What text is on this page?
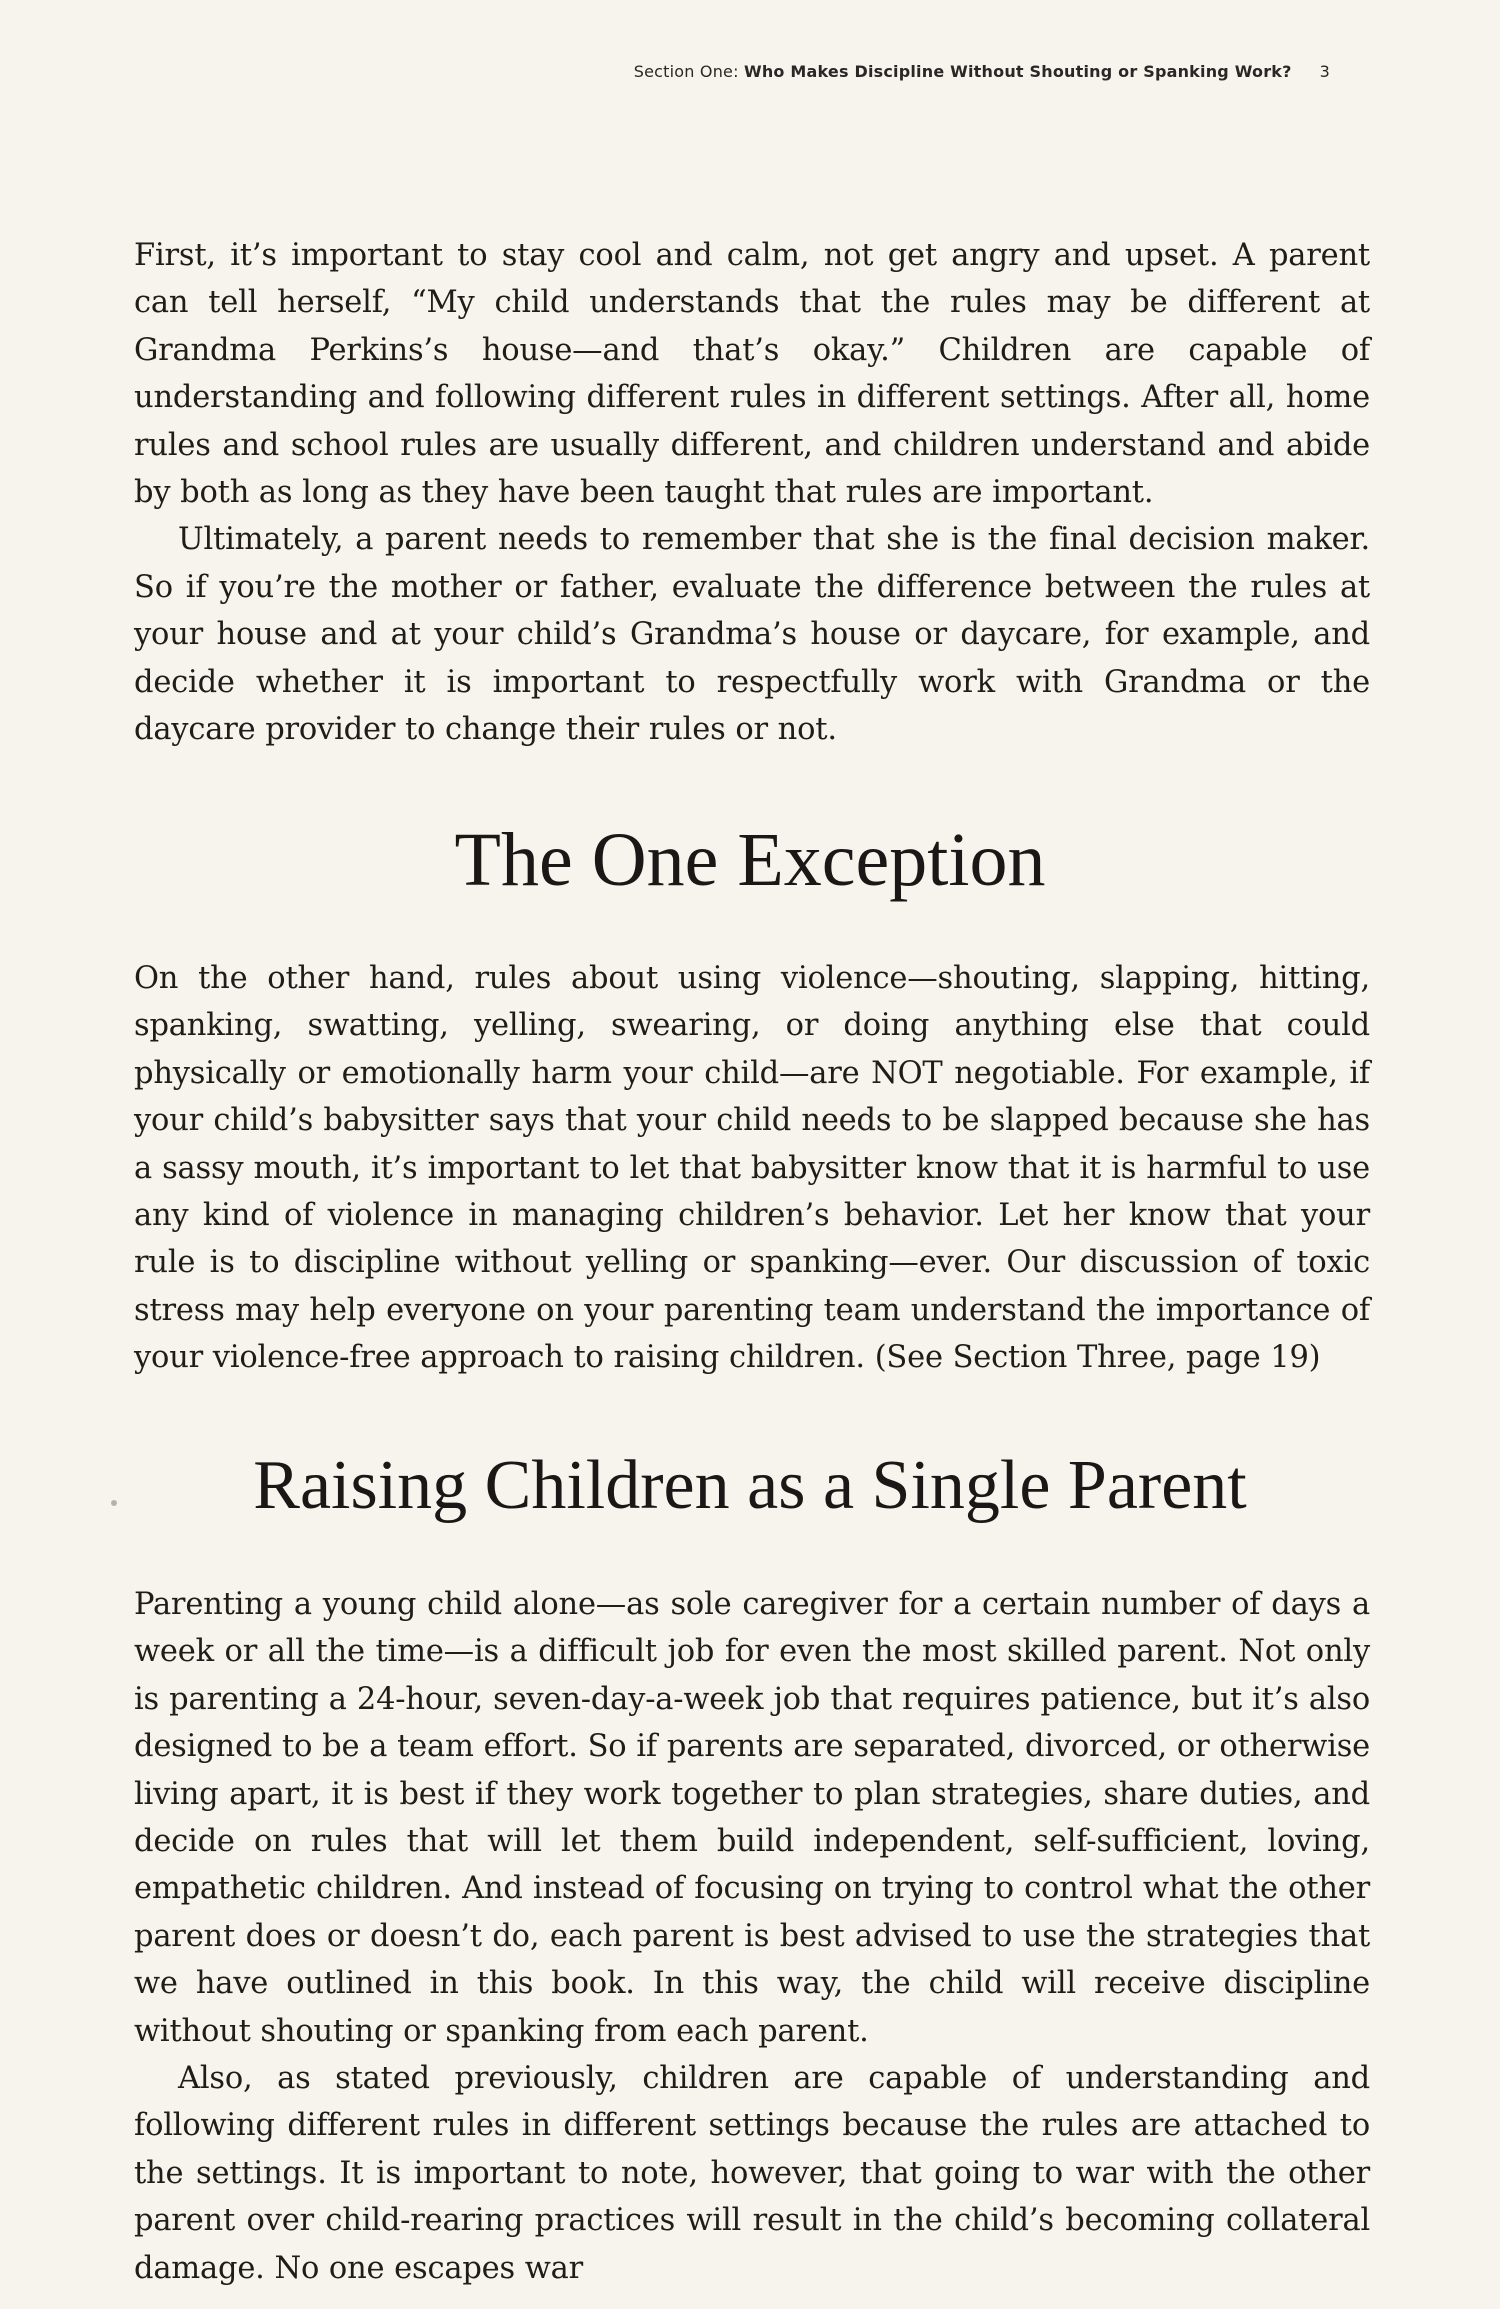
Section One: Who Makes Discipline Without Shouting or Spanking Work? 3

First, it’s important to stay cool and calm, not get angry and upset. A parent can tell herself, “My child understands that the rules may be different at Grandma Perkins’s house—and that’s okay.” Children are capable of understanding and following different rules in different settings. After all, home rules and school rules are usually different, and children understand and abide by both as long as they have been taught that rules are important.

Ultimately, a parent needs to remember that she is the final decision maker. So if you’re the mother or father, evaluate the difference between the rules at your house and at your child’s Grandma’s house or daycare, for example, and decide whether it is important to respectfully work with Grandma or the daycare provider to change their rules or not.

The One Exception

On the other hand, rules about using violence—shouting, slapping, hitting, spanking, swatting, yelling, swearing, or doing anything else that could physically or emotionally harm your child—are NOT negotiable. For example, if your child’s babysitter says that your child needs to be slapped because she has a sassy mouth, it’s important to let that babysitter know that it is harmful to use any kind of violence in managing children’s behavior. Let her know that your rule is to discipline without yelling or spanking—ever. Our discussion of toxic stress may help everyone on your parenting team understand the importance of your violence-free approach to raising children. (See Section Three, page 19)

Raising Children as a Single Parent

Parenting a young child alone—as sole caregiver for a certain number of days a week or all the time—is a difficult job for even the most skilled parent. Not only is parenting a 24-hour, seven-day-a-week job that requires patience, but it’s also designed to be a team effort. So if parents are separated, divorced, or otherwise living apart, it is best if they work together to plan strategies, share duties, and decide on rules that will let them build independent, self-sufficient, loving, empathetic children. And instead of focusing on trying to control what the other parent does or doesn’t do, each parent is best advised to use the strategies that we have outlined in this book. In this way, the child will receive discipline without shouting or spanking from each parent.

Also, as stated previously, children are capable of understanding and following different rules in different settings because the rules are attached to the settings. It is important to note, however, that going to war with the other parent over child-rearing practices will result in the child’s becoming collateral damage. No one escapes war
